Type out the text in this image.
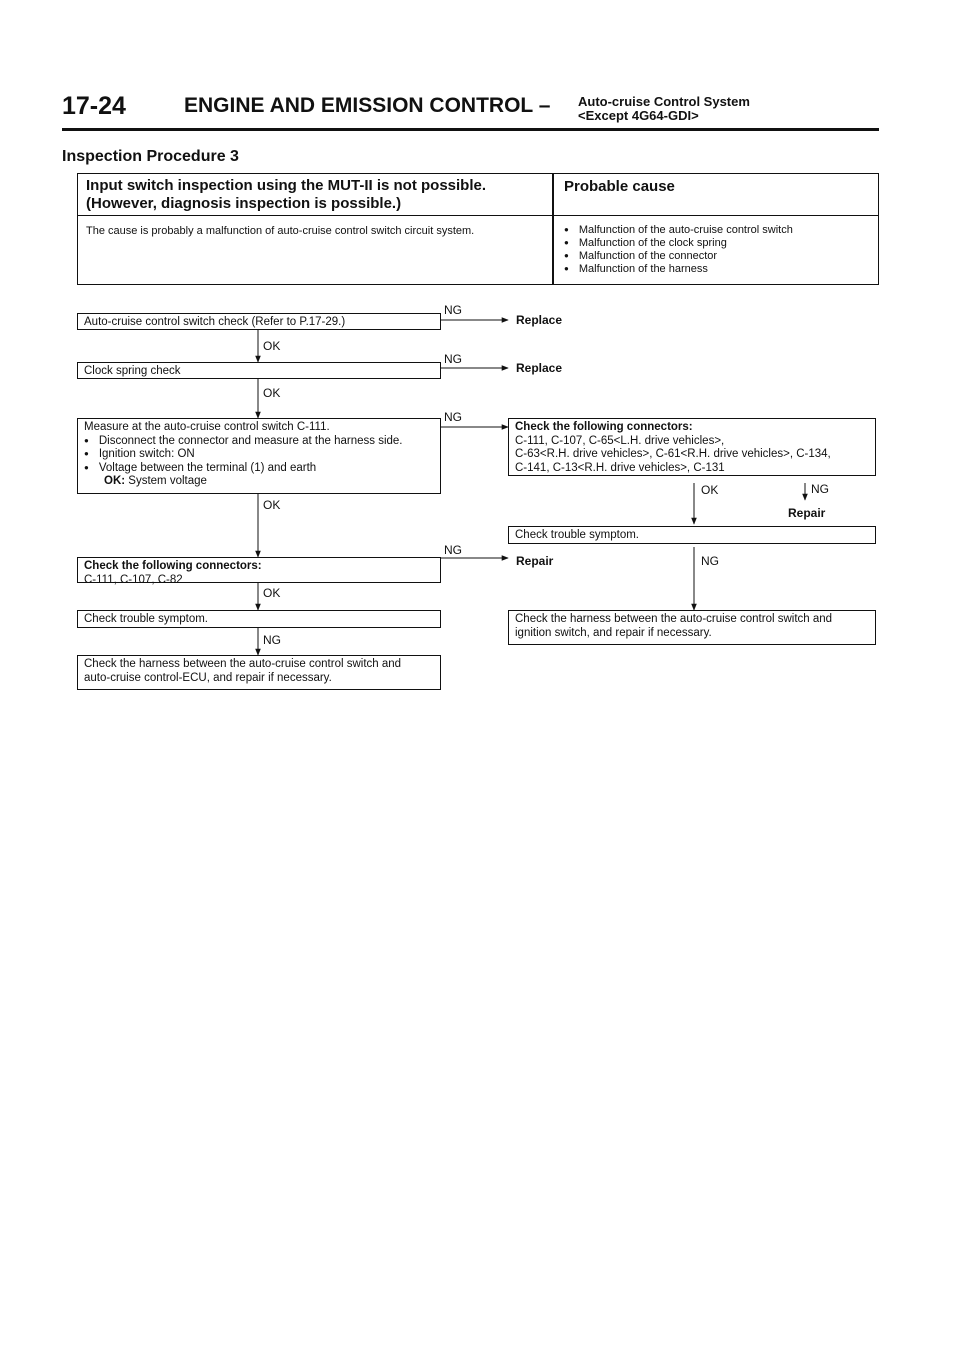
17-24	ENGINE AND EMISSION CONTROL – Auto-cruise Control System
<Except 4G64-GDI>
Inspection Procedure 3
Input switch inspection using the MUT-II is not possible.
(However, diagnosis inspection is possible.)
Probable cause
The cause is probably a malfunction of auto-cruise control switch circuit system.
●	Malfunction of the auto-cruise control switch
● Malfunction of the clock spring
● Malfunction of the connector
● Malfunction of the harness
Auto-cruise control switch check (Refer to P.17-29.)
Clock spring check
Measure at the auto-cruise control switch C-111.
● Disconnect the connector and measure at the harness side.
● Ignition switch: ON
● Voltage between the terminal (1) and earth
OK: System voltage
Check the following connectors:
C-111, C-107, C-82
Check trouble symptom.
Check the harness between the auto-cruise control switch and
auto-cruise control-ECU, and repair if necessary.
Check the following connectors:
C-111, C-107, C-65<L.H. drive vehicles>,
C-63<R.H. drive vehicles>, C-61<R.H. drive vehicles>, C-134,
C-141, C-13<R.H. drive vehicles>, C-131
Check trouble symptom.
Check the harness between the auto-cruise control switch and
ignition switch, and repair if necessary.
NG
Replace
OK
NG
Replace
OK
NG
OK
NG
Repair
OK
NG
OK	NG
Repair
NG
